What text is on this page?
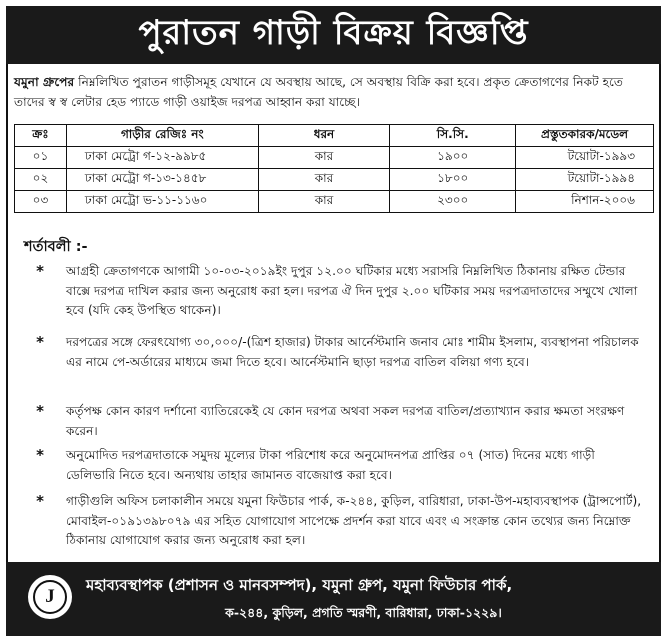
পুরাতন গাড়ী বিক্রয় বিজ্ঞপ্তি
যমুনা গ্রুপের নিম্নলিখিত পুরাতন গাড়ীসমূহ যেখানে যে অবস্থায় আছে, সে অবস্থায় বিক্রি করা হবে। প্রকৃত ক্রেতাগণের নিকট হতে তাদের স্ব স্ব লেটার হেড প্যাডে গাড়ী ওয়াইজ দরপত্র আহ্বান করা যাচ্ছে।
ক্রঃ	গাড়ীর রেজিঃ নং	ধরন	সি.সি.	প্রস্তুতকারক/মডেল
০১	ঢাকা মেট্রো গ-১২-৯৯৮৫	কার	১৯০০	টয়োটা-১৯৯৩
০২	ঢাকা মেট্রো গ-১৩-১৪৫৮	কার	১৮০০	টয়োটা-১৯৯৪
০৩	ঢাকা মেট্রো ভ-১১-১১৬০	কার	২৩০০	নিশান-২০০৬
শর্তাবলী :-
*	আগ্রহী ক্রেতাগণকে আগামী ১০-০৩-২০১৯ইং দুপুর ১২.০০ ঘটিকার মধ্যে সরাসরি নিম্নলিখিত ঠিকানায় রক্ষিত টেন্ডার বাক্সে দরপত্র দাখিল করার জন্য অনুরোধ করা হল। দরপত্র ঐ দিন দুপুর ২.০০ ঘটিকার সময় দরপত্রদাতাদের সম্মুখে খোলা হবে (যদি কেহ উপস্থিত থাকেন)।
*	দরপত্রের সঙ্গে ফেরৎযোগ্য ৩০,০০০/-(ত্রিশ হাজার) টাকার আর্নেস্টমানি জনাব মোঃ শামীম ইসলাম, ব্যবস্থাপনা পরিচালক এর নামে পে-অর্ডারের মাধ্যমে জমা দিতে হবে। আর্নেস্টমানি ছাড়া দরপত্র বাতিল বলিয়া গণ্য হবে।
*	কর্তৃপক্ষ কোন কারণ দর্শানো ব্যাতিরেকেই যে কোন দরপত্র অথবা সকল দরপত্র বাতিল/প্রত্যাখ্যান করার ক্ষমতা সংরক্ষণ করেন।
*	অনুমোদিত দরপত্রদাতাকে সমুদয় মূল্যের টাকা পরিশোধ করে অনুমোদনপত্র প্রাপ্তির ০৭ (সাত) দিনের মধ্যে গাড়ী ডেলিভারি নিতে হবে। অন্যথায় তাহার জামানত বাজেয়াপ্ত করা হবে।
*	গাড়ীগুলি অফিস চলাকালীন সময়ে যমুনা ফিউচার পার্ক, ক-২৪৪, কুড়িল, বারিধারা, ঢাকা-উপ-মহাব্যবস্থাপক (ট্রান্সপোর্ট), মোবাইল-০১৯১৩৯৮০৭৯ এর সহিত যোগাযোগ সাপেক্ষে প্রদর্শন করা যাবে এবং এ সংক্রান্ত কোন তথ্যের জন্য নিম্নোক্ত ঠিকানায় যোগাযোগ করার জন্য অনুরোধ করা হল।
J
মহাব্যবস্থাপক (প্রশাসন ও মানবসম্পদ), যমুনা গ্রুপ, যমুনা ফিউচার পার্ক,
ক-২৪৪, কুড়িল, প্রগতি স্মরণী, বারিধারা, ঢাকা-১২২৯।
